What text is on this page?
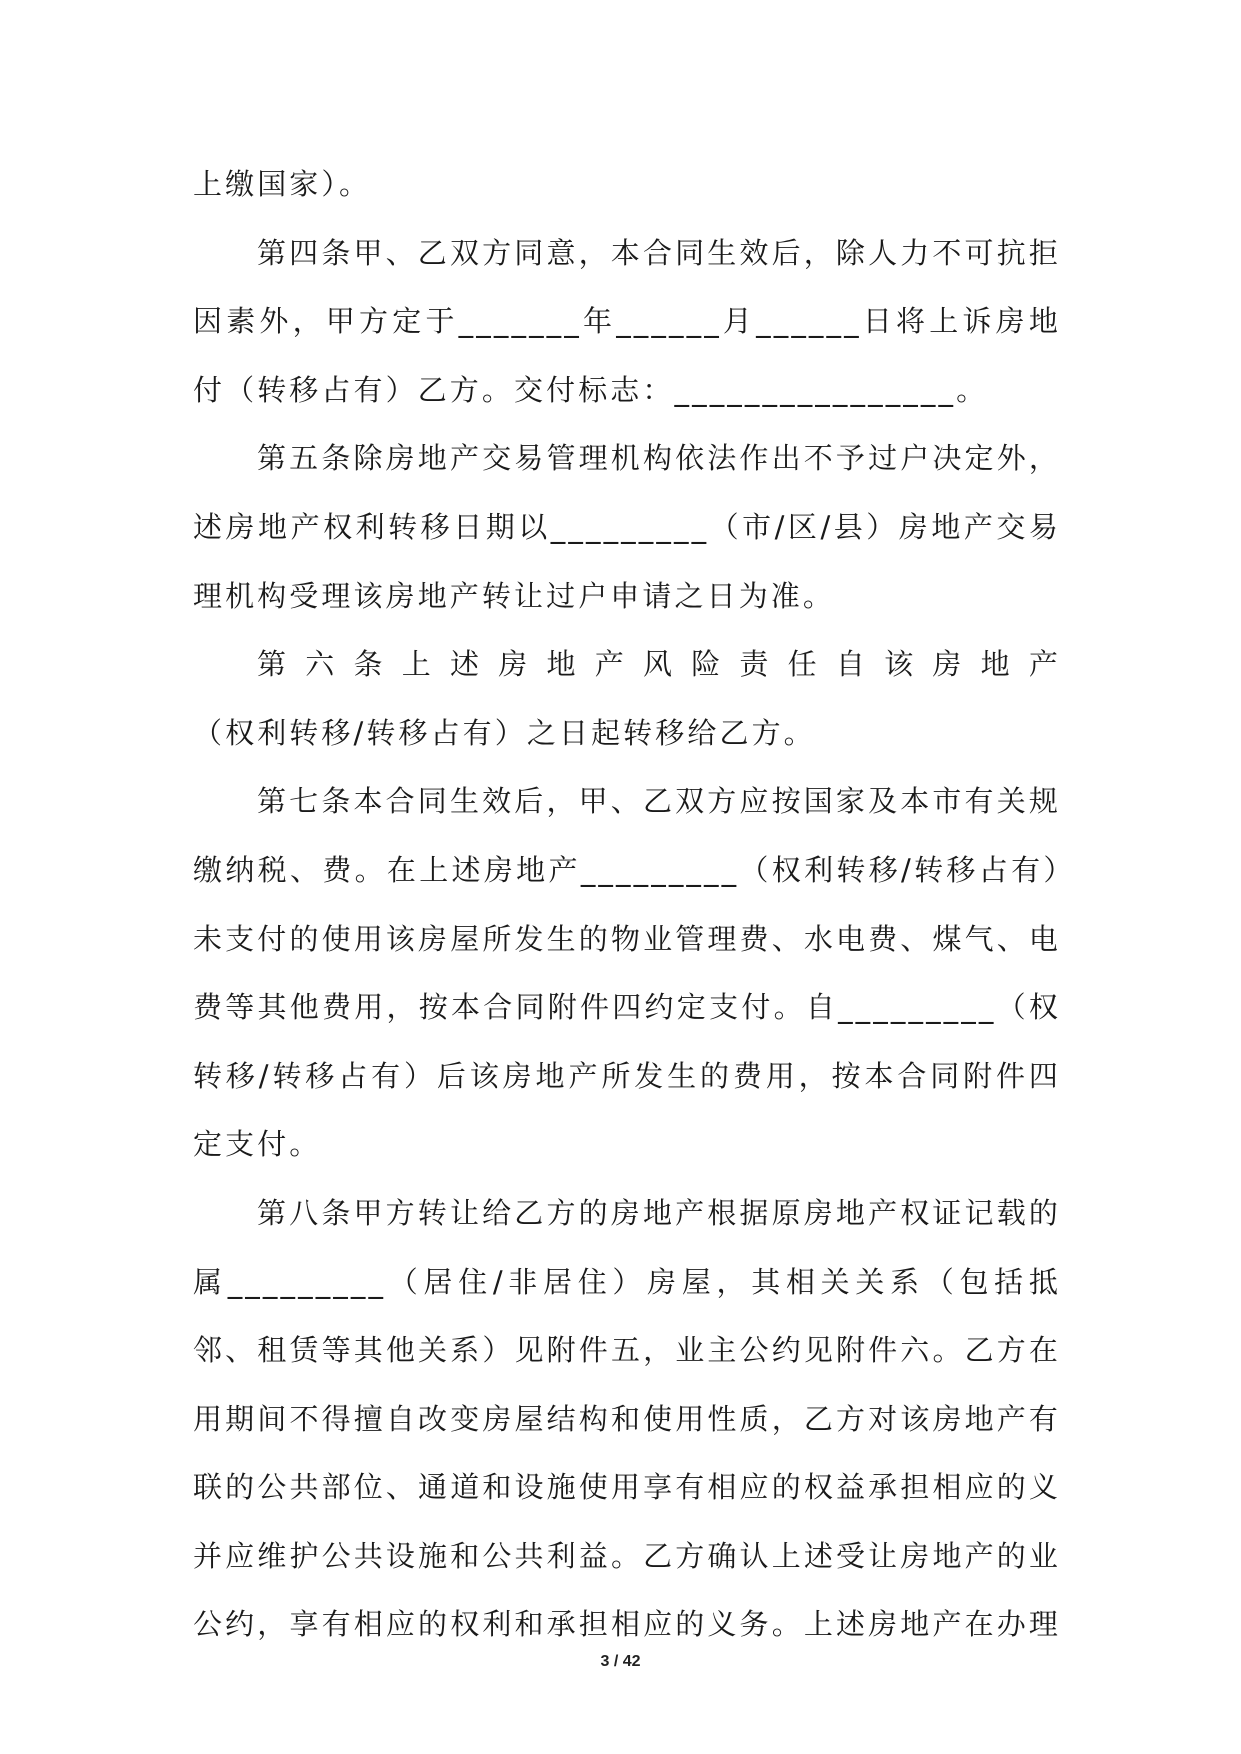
上缴国家）。
第四条甲、乙双方同意，本合同生效后，除人力不可抗拒
因素外，甲方定于_______年______月______日将上诉房地
付（转移占有）乙方。交付标志：________________。
第五条除房地产交易管理机构依法作出不予过户决定外，
述房地产权利转移日期以_________（市/区/县）房地产交易
理机构受理该房地产转让过户申请之日为准。
第六条上述房地产风险责任自该房地产
（权利转移/转移占有）之日起转移给乙方。
第七条本合同生效后，甲、乙双方应按国家及本市有关规
缴纳税、费。在上述房地产_________（权利转移/转移占有）
未支付的使用该房屋所发生的物业管理费、水电费、煤气、电
费等其他费用，按本合同附件四约定支付。自_________（权
转移/转移占有）后该房地产所发生的费用，按本合同附件四
定支付。
第八条甲方转让给乙方的房地产根据原房地产权证记载的
属_________（居住/非居住）房屋，其相关关系（包括抵
邻、租赁等其他关系）见附件五，业主公约见附件六。乙方在
用期间不得擅自改变房屋结构和使用性质，乙方对该房地产有
联的公共部位、通道和设施使用享有相应的权益承担相应的义
并应维护公共设施和公共利益。乙方确认上述受让房地产的业
公约，享有相应的权利和承担相应的义务。上述房地产在办理
3 / 42
